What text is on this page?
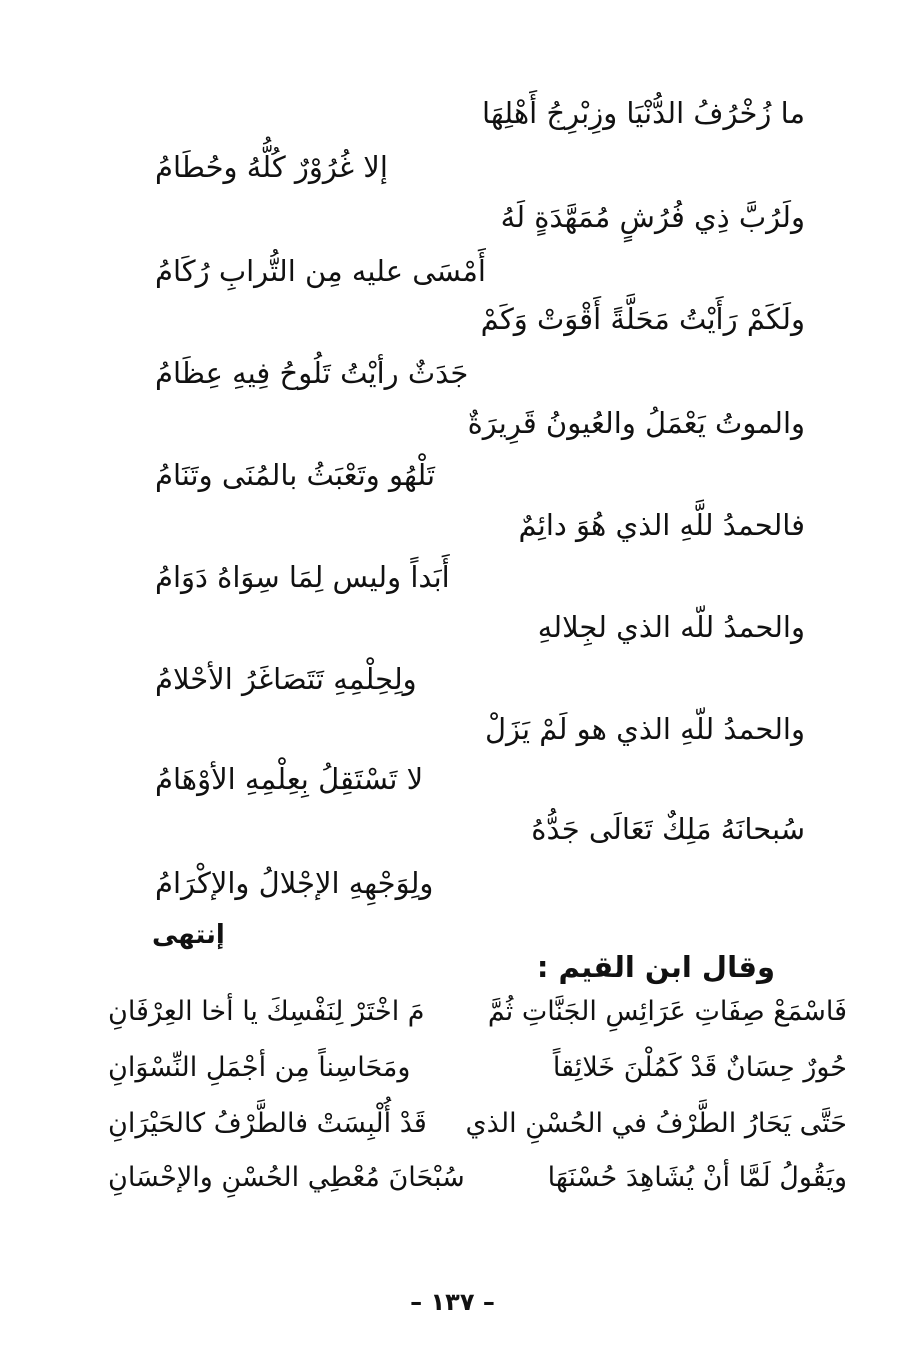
ما زُخْرُفُ الدُّنْيَا وزِبْرِجُ أَهْلِهَا
إلا غُرُوْرٌ كُلُّهُ وحُطَامُ
ولَرُبَّ ذِي فُرُشٍ مُمَهَّدَةٍ لَهُ
أَمْسَى عليه مِن التُّرابِ رُكَامُ
ولَكَمْ رَأَيْتُ مَحَلَّةً أَقْوَتْ وَكَمْ
جَدَثٌ رأيْتُ تَلُوحُ فِيهِ عِظَامُ
والموتُ يَعْمَلُ والعُيونُ قَرِيرَةٌ
تَلْهُو وتَعْبَثُ بالمُنَى وتَنَامُ
فالحمدُ للَّهِ الذي هُوَ دائِمٌ
أَبَداً وليس لِمَا سِوَاهُ دَوَامُ
والحمدُ للّه الذي لجِلالهِ
ولِحِلْمِهِ تَتَصَاغَرُ الأحْلامُ
والحمدُ للّهِ الذي هو لَمْ يَزَلْ
لا تَسْتَقِلُ بِعِلْمِهِ الأوْهَامُ
سُبحانَهُ مَلِكٌ تَعَالَى جَدُّهُ
ولِوَجْهِهِ الإجْلالُ والإكْرَامُ
إنتهى
وقال ابن القيم :
فَاسْمَعْ صِفَاتِ عَرَائِسِ الجَنَّاتِ ثُمَّ
مَ اخْتَرْ لِنَفْسِكَ يا أخا العِرْفَانِ
حُورٌ حِسَانٌ قَدْ كَمُلْنَ خَلائِقاً
ومَحَاسِناً مِن أجْمَلِ النِّسْوَانِ
حَتَّى يَحَارُ الطَّرْفُ في الحُسْنِ الذي
قَدْ أُلْبِسَتْ فالطَّرْفُ كالحَيْرَانِ
ويَقُولُ لَمَّا أنْ يُشَاهِدَ حُسْنَهَا
سُبْحَانَ مُعْطِي الحُسْنِ والإحْسَانِ
– ١٣٧ –
